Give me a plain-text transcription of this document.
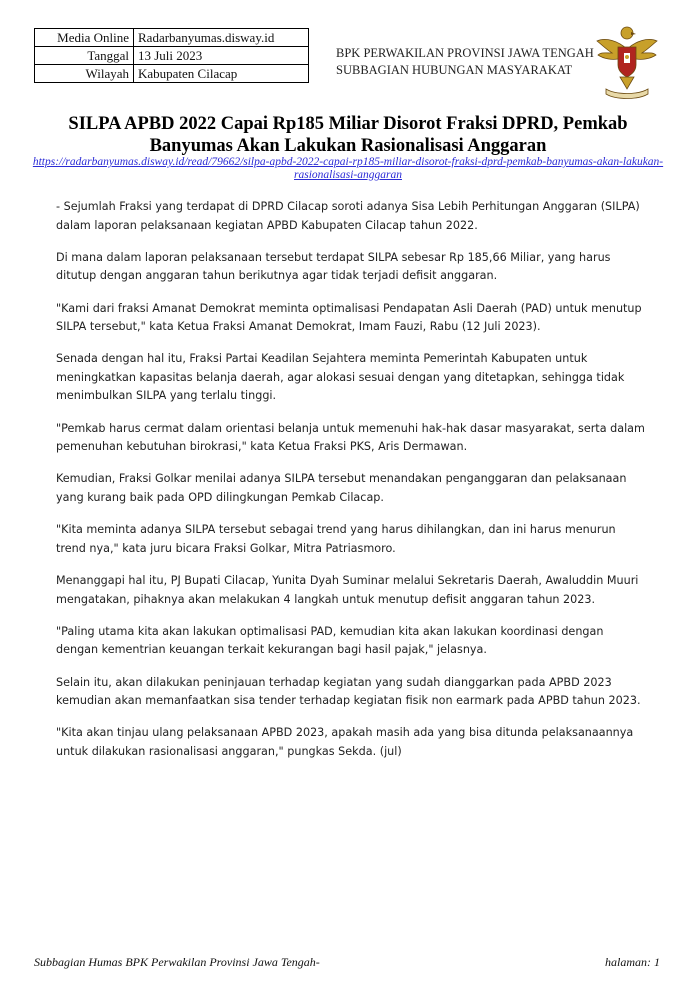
Media Online	Radarbanyumas.disway.id
Tanggal	13 Juli 2023
Wilayah	Kabupaten Cilacap
BPK PERWAKILAN PROVINSI JAWA TENGAH
SUBBAGIAN HUBUNGAN MASYARAKAT
SILPA APBD 2022 Capai Rp185 Miliar Disorot Fraksi DPRD, Pemkab Banyumas Akan Lakukan Rasionalisasi Anggaran
https://radarbanyumas.disway.id/read/79662/silpa-apbd-2022-capai-rp185-miliar-disorot-fraksi-dprd-pemkab-banyumas-akan-lakukan-rasionalisasi-anggaran

- Sejumlah Fraksi yang terdapat di DPRD Cilacap soroti adanya Sisa Lebih Perhitungan Anggaran (SILPA) dalam laporan pelaksanaan kegiatan APBD Kabupaten Cilacap tahun 2022.

Di mana dalam laporan pelaksanaan tersebut terdapat SILPA sebesar Rp 185,66 Miliar, yang harus ditutup dengan anggaran tahun berikutnya agar tidak terjadi defisit anggaran.

"Kami dari fraksi Amanat Demokrat meminta optimalisasi Pendapatan Asli Daerah (PAD) untuk menutup SILPA tersebut," kata Ketua Fraksi Amanat Demokrat, Imam Fauzi, Rabu (12 Juli 2023).

Senada dengan hal itu, Fraksi Partai Keadilan Sejahtera meminta Pemerintah Kabupaten untuk meningkatkan kapasitas belanja daerah, agar alokasi sesuai dengan yang ditetapkan, sehingga tidak menimbulkan SILPA yang terlalu tinggi.

"Pemkab harus cermat dalam orientasi belanja untuk memenuhi hak-hak dasar masyarakat, serta dalam pemenuhan kebutuhan birokrasi," kata Ketua Fraksi PKS, Aris Dermawan.

Kemudian, Fraksi Golkar menilai adanya SILPA tersebut menandakan penganggaran dan pelaksanaan yang kurang baik pada OPD dilingkungan Pemkab Cilacap.

"Kita meminta adanya SILPA tersebut sebagai trend yang harus dihilangkan, dan ini harus menurun trend nya," kata juru bicara Fraksi Golkar, Mitra Patriasmoro.

Menanggapi hal itu, PJ Bupati Cilacap, Yunita Dyah Suminar melalui Sekretaris Daerah, Awaluddin Muuri mengatakan, pihaknya akan melakukan 4 langkah untuk menutup defisit anggaran tahun 2023.

"Paling utama kita akan lakukan optimalisasi PAD, kemudian kita akan lakukan koordinasi dengan dengan kementrian keuangan terkait kekurangan bagi hasil pajak," jelasnya.

Selain itu, akan dilakukan peninjauan terhadap kegiatan yang sudah dianggarkan pada APBD 2023 kemudian akan memanfaatkan sisa tender terhadap kegiatan fisik non earmark pada APBD tahun 2023.

"Kita akan tinjau ulang pelaksanaan APBD 2023, apakah masih ada yang bisa ditunda pelaksanaannya untuk dilakukan rasionalisasi anggaran," pungkas Sekda. (jul)

Subbagian Humas BPK Perwakilan Provinsi Jawa Tengah-	halaman: 1
